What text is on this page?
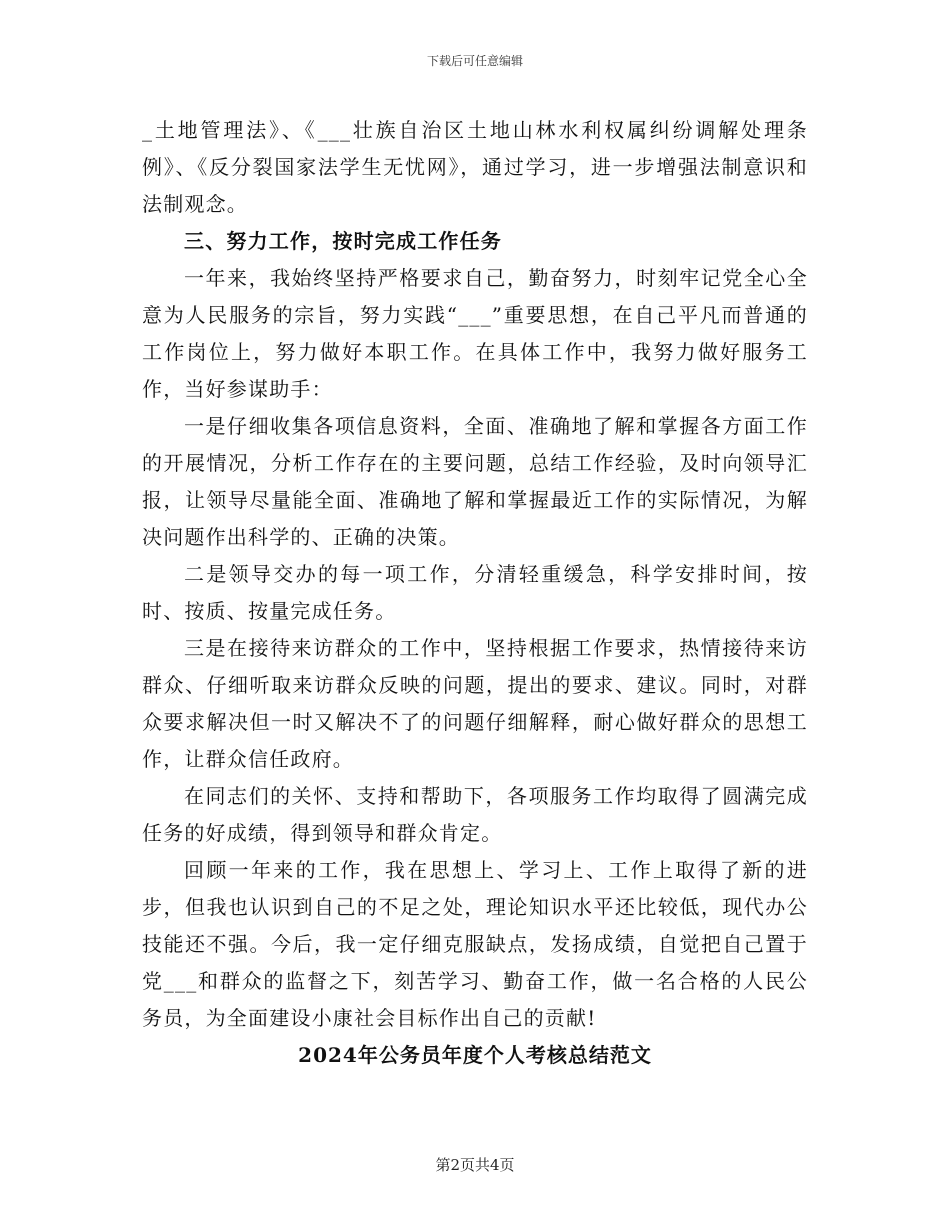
下载后可任意编辑

_土地管理法》、《___壮族自治区土地山林水利权属纠纷调解处理条例》、《反分裂国家法学生无忧网》，通过学习，进一步增强法制意识和法制观念。

三、努力工作，按时完成工作任务

一年来，我始终坚持严格要求自己，勤奋努力，时刻牢记党全心全意为人民服务的宗旨，努力实践“___”重要思想，在自己平凡而普通的工作岗位上，努力做好本职工作。在具体工作中，我努力做好服务工作，当好参谋助手：

一是仔细收集各项信息资料，全面、准确地了解和掌握各方面工作的开展情况，分析工作存在的主要问题，总结工作经验，及时向领导汇报，让领导尽量能全面、准确地了解和掌握最近工作的实际情况，为解决问题作出科学的、正确的决策。

二是领导交办的每一项工作，分清轻重缓急，科学安排时间，按时、按质、按量完成任务。

三是在接待来访群众的工作中，坚持根据工作要求，热情接待来访群众、仔细听取来访群众反映的问题，提出的要求、建议。同时，对群众要求解决但一时又解决不了的问题仔细解释，耐心做好群众的思想工作，让群众信任政府。

在同志们的关怀、支持和帮助下，各项服务工作均取得了圆满完成任务的好成绩，得到领导和群众肯定。

回顾一年来的工作，我在思想上、学习上、工作上取得了新的进步，但我也认识到自己的不足之处，理论知识水平还比较低，现代办公技能还不强。今后，我一定仔细克服缺点，发扬成绩，自觉把自己置于党___和群众的监督之下，刻苦学习、勤奋工作，做一名合格的人民公务员，为全面建设小康社会目标作出自己的贡献!

2024年公务员年度个人考核总结范文

第2页共4页
